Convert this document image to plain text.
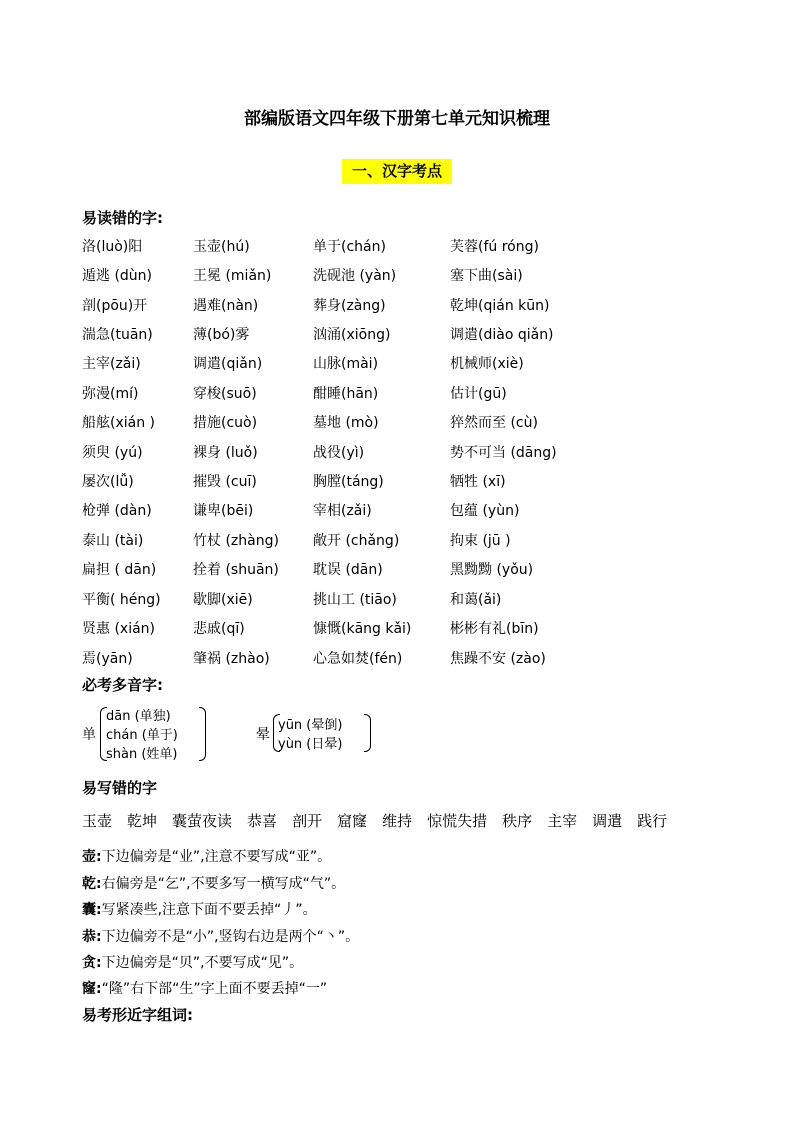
部编版语文四年级下册第七单元知识梳理
一、汉字考点
易读错的字:
洛(luò)阳	玉壶(hú)	单于(chán)	芙蓉(fú róng)
遁逃 (dùn)	王冕 (miǎn)	洗砚池 (yàn)	塞下曲(sài)
剖(pōu)开	遇难(nàn)	葬身(zàng)	乾坤(qián kūn)
湍急(tuān)	薄(bó)雾	汹涌(xiōng)	调遣(diào qiǎn)
主宰(zǎi)	调遣(qiǎn)	山脉(mài)	机械师(xiè)
弥漫(mí)	穿梭(suō)	酣睡(hān)	估计(gū)
船舷(xián )	措施(cuò)	墓地 (mò)	猝然而至 (cù)
须臾 (yú)	裸身 (luǒ)	战役(yì)	势不可当 (dāng)
屡次(lǚ)	摧毁 (cuī)	胸膛(táng)	牺牲 (xī)
枪弹 (dàn)	谦卑(bēi)	宰相(zǎi)	包蕴 (yùn)
泰山 (tài)	竹杖 (zhàng) 敞开 (chǎng)	拘束 (jū )
扁担 ( dān)	拴着 (shuān) 耽误 (dān)	黑黝黝 (yǒu)
平衡( héng) 歇脚(xiē)	挑山工 (tiāo)	和蔼(ǎi)
贤惠 (xián)	悲戚(qī)	慷慨(kāng kǎi)	彬彬有礼(bīn)
焉(yān)	肇祸 (zhào)	心急如焚(fén)	焦躁不安 (zào)
必考多音字:
单
dān (单独)
chán (单于)
shàn (姓单)
晕
yūn (晕倒)
yùn (日晕)
易写错的字
玉壶 乾坤 囊萤夜读 恭喜 剖开 窟窿 维持 惊慌失措 秩序 主宰 调遣 践行
壶:下边偏旁是“业”,注意不要写成“亚”。
乾:右偏旁是“乞”,不要多写一横写成“气”。
囊:写紧凑些,注意下面不要丢掉“丿”。
恭:下边偏旁不是“小”,竖钩右边是两个“丶”。
贪:下边偏旁是“贝”,不要写成“见”。
窿:“隆”右下部“生”字上面不要丢掉“一”
易考形近字组词:
